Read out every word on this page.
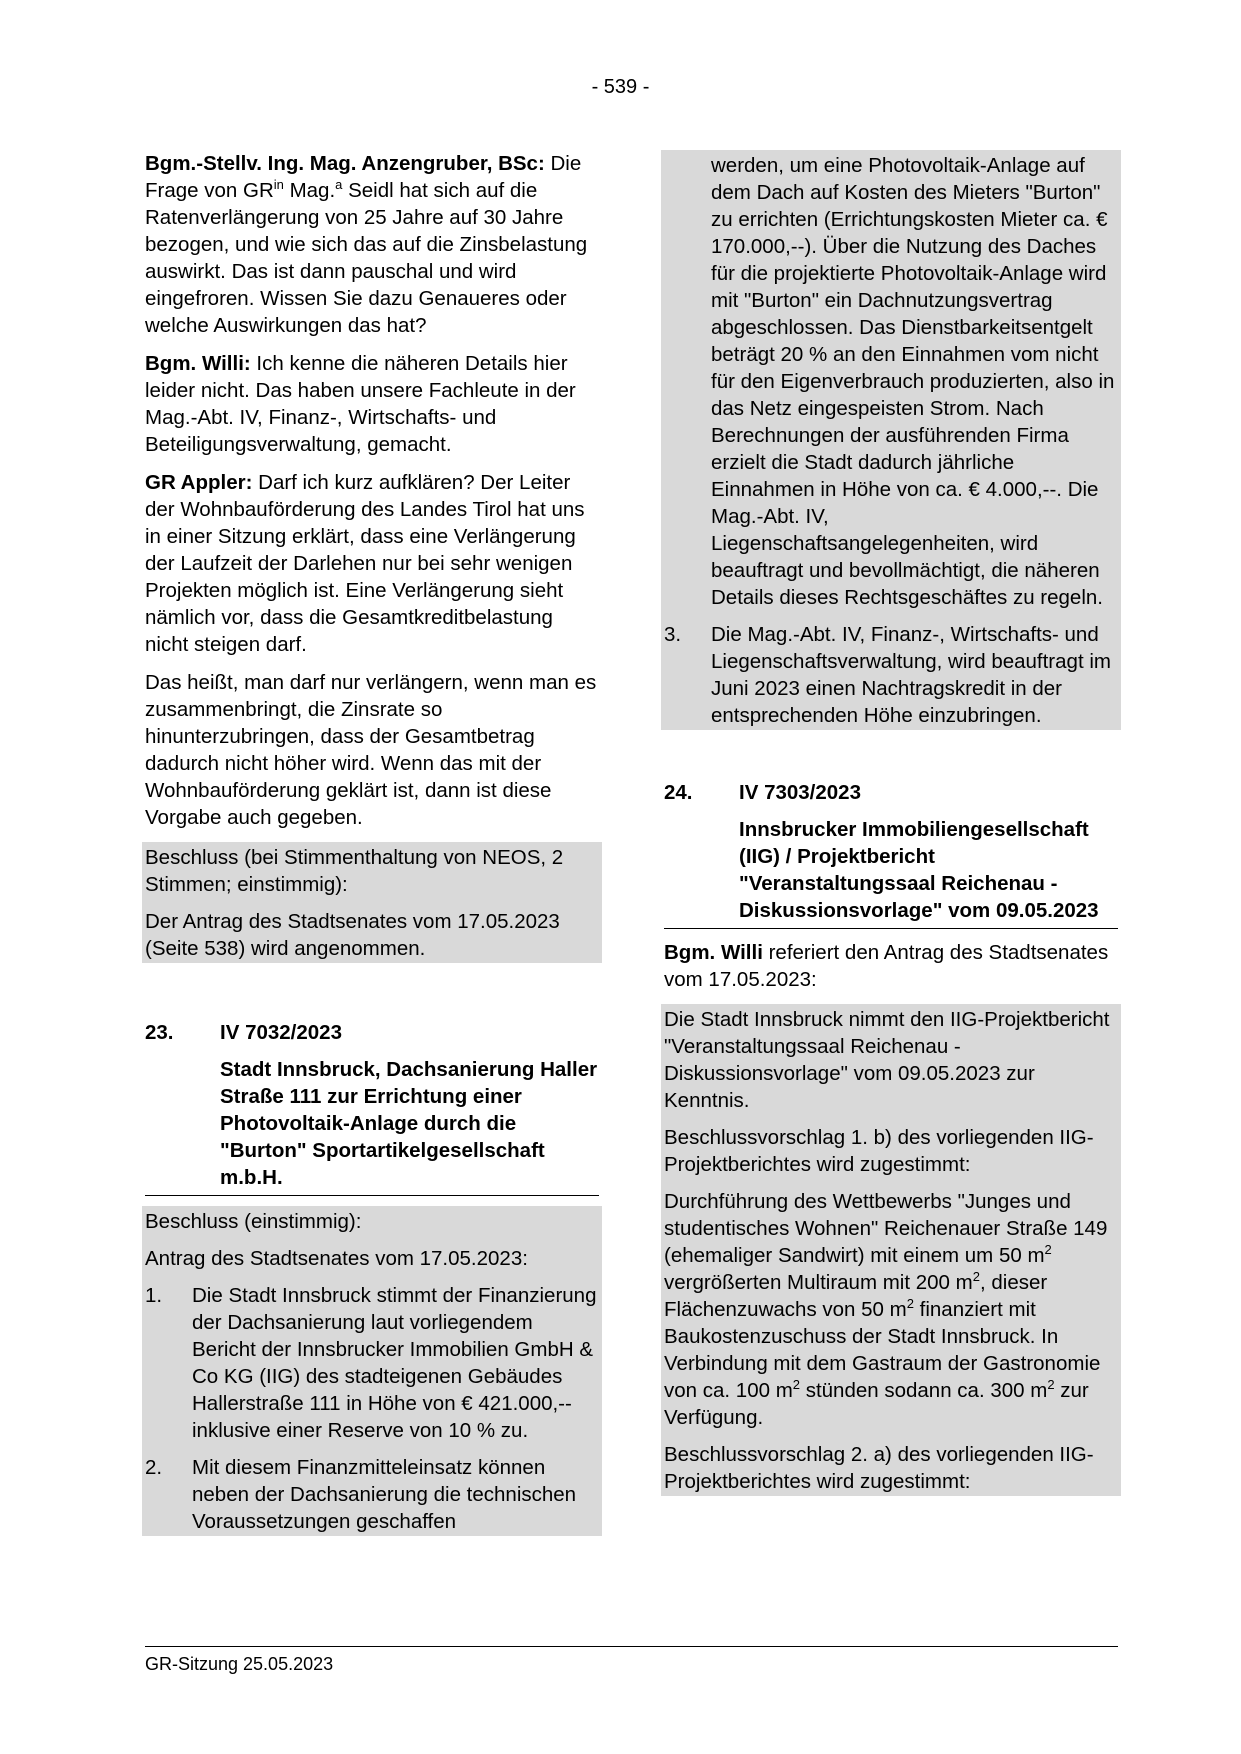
- 539 -

Bgm.-Stellv. Ing. Mag. Anzengruber, BSc: Die Frage von $GR^{in}$ Mag.$^a$ Seidl hat sich auf die Ratenverlängerung von 25 Jahre auf 30 Jahre bezogen, und wie sich das auf die Zinsbelastung auswirkt. Das ist dann pauschal und wird eingefroren. Wissen Sie dazu Genaueres oder welche Auswirkungen das hat?

Bgm. Willi: Ich kenne die näheren Details hier leider nicht. Das haben unsere Fachleute in der Mag.-Abt. IV, Finanz-, Wirtschafts- und Beteiligungsverwaltung, gemacht.

GR Appler: Darf ich kurz aufklären? Der Leiter der Wohnbauförderung des Landes Tirol hat uns in einer Sitzung erklärt, dass eine Verlängerung der Laufzeit der Darlehen nur bei sehr wenigen Projekten möglich ist. Eine Verlängerung sieht nämlich vor, dass die Gesamtkreditbelastung nicht steigen darf.

Das heißt, man darf nur verlängern, wenn man es zusammenbringt, die Zinsrate so hinunterzubringen, dass der Gesamtbetrag dadurch nicht höher wird. Wenn das mit der Wohnbauförderung geklärt ist, dann ist diese Vorgabe auch gegeben.

Beschluss (bei Stimmenthaltung von NEOS, 2 Stimmen; einstimmig):

Der Antrag des Stadtsenates vom 17.05.2023 (Seite 538) wird angenommen.

23.	IV 7032/2023
Stadt Innsbruck, Dachsanierung Haller Straße 111 zur Errichtung einer Photovoltaik-Anlage durch die "Burton" Sportartikelgesellschaft m.b.H.

Beschluss (einstimmig):

Antrag des Stadtsenates vom 17.05.2023:

1.	Die Stadt Innsbruck stimmt der Finanzierung der Dachsanierung laut vorliegendem Bericht der Innsbrucker Immobilien GmbH & Co KG (IIG) des stadteigenen Gebäudes Hallerstraße 111 in Höhe von € 421.000,-- inklusive einer Reserve von 10 % zu.
2.	Mit diesem Finanzmitteleinsatz können neben der Dachsanierung die technischen Voraussetzungen geschaffen

werden, um eine Photovoltaik-Anlage auf dem Dach auf Kosten des Mieters "Burton" zu errichten (Errichtungskosten Mieter ca. € 170.000,--). Über die Nutzung des Daches für die projektierte Photovoltaik-Anlage wird mit "Burton" ein Dachnutzungsvertrag abgeschlossen. Das Dienstbarkeitsentgelt beträgt 20 % an den Einnahmen vom nicht für den Eigenverbrauch produzierten, also in das Netz eingespeisten Strom. Nach Berechnungen der ausführenden Firma erzielt die Stadt dadurch jährliche Einnahmen in Höhe von ca. € 4.000,--. Die Mag.-Abt. IV, Liegenschaftsangelegenheiten, wird beauftragt und bevollmächtigt, die näheren Details dieses Rechtsgeschäftes zu regeln.

3.	Die Mag.-Abt. IV, Finanz-, Wirtschafts- und Liegenschaftsverwaltung, wird beauftragt im Juni 2023 einen Nachtragskredit in der entsprechenden Höhe einzubringen.
24.	IV 7303/2023
Innsbrucker Immobiliengesellschaft (IIG) / Projektbericht "Veranstaltungssaal Reichenau - Diskussionsvorlage" vom 09.05.2023

Bgm. Willi referiert den Antrag des Stadtsenates vom 17.05.2023:

Die Stadt Innsbruck nimmt den IIG-Projektbericht "Veranstaltungssaal Reichenau - Diskussionsvorlage" vom 09.05.2023 zur Kenntnis.

Beschlussvorschlag 1. b) des vorliegenden IIG-Projektberichtes wird zugestimmt:

Durchführung des Wettbewerbs "Junges und studentisches Wohnen" Reichenauer Straße 149 (ehemaliger Sandwirt) mit einem um 50 $m^2$ vergrößerten Multiraum mit 200 $m^2$, dieser Flächenzuwachs von 50 $m^2$ finanziert mit Baukostenzuschuss der Stadt Innsbruck. In Verbindung mit dem Gastraum der Gastronomie von ca. 100 $m^2$ stünden sodann ca. 300 $m^2$ zur Verfügung.

Beschlussvorschlag 2. a) des vorliegenden IIG-Projektberichtes wird zugestimmt:

GR-Sitzung 25.05.2023
